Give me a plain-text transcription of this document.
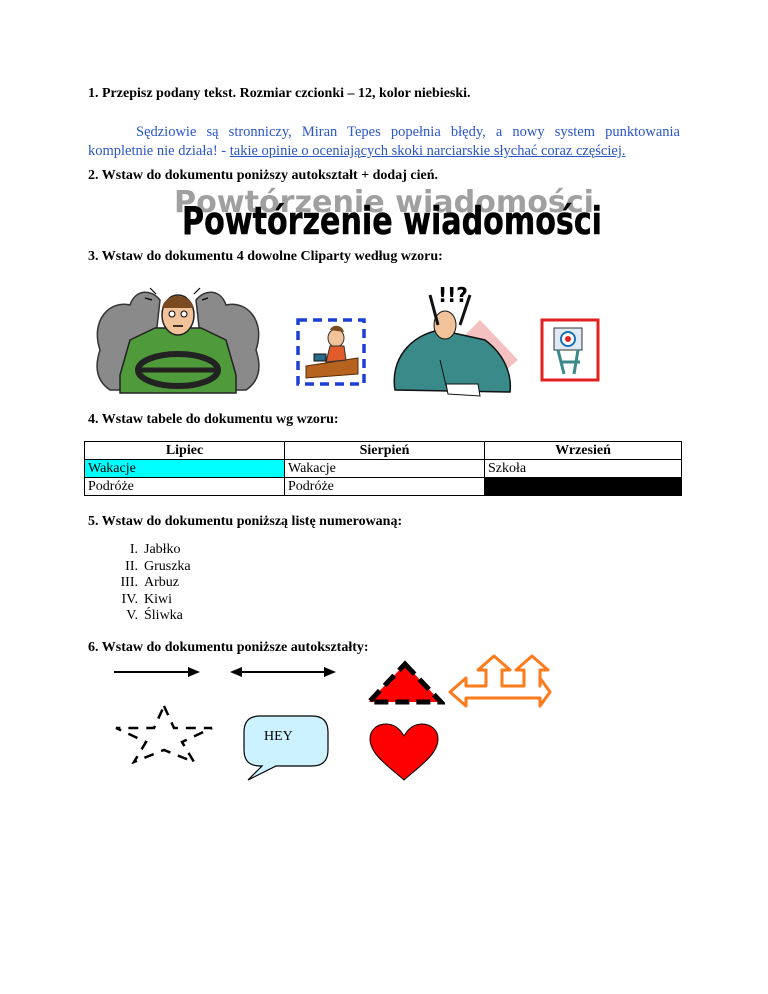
1. Przepisz podany tekst. Rozmiar czcionki – 12, kolor niebieski.
Sędziowie są stronniczy, Miran Tepes popełnia błędy, a nowy system punktowania kompletnie nie działa! - takie opinie o oceniających skoki narciarskie słychać coraz częściej.
2. Wstaw do dokumentu poniższy autokształt + dodaj cień.
Powtórzenie wiadomości
Powtórzenie wiadomości
3. Wstaw do dokumentu 4 dowolne Cliparty według wzoru:
!!?
4. Wstaw tabele do dokumentu wg wzoru:
Lipiec	Sierpień	Wrzesień
Wakacje	Wakacje	Szkoła
Podróże	Podróże	
5. Wstaw do dokumentu poniższą listę numerowaną:
I. Jabłko
II. Gruszka
III. Arbuz
IV. Kiwi
V. Śliwka
6. Wstaw do dokumentu poniższe autokształty:
HEY
